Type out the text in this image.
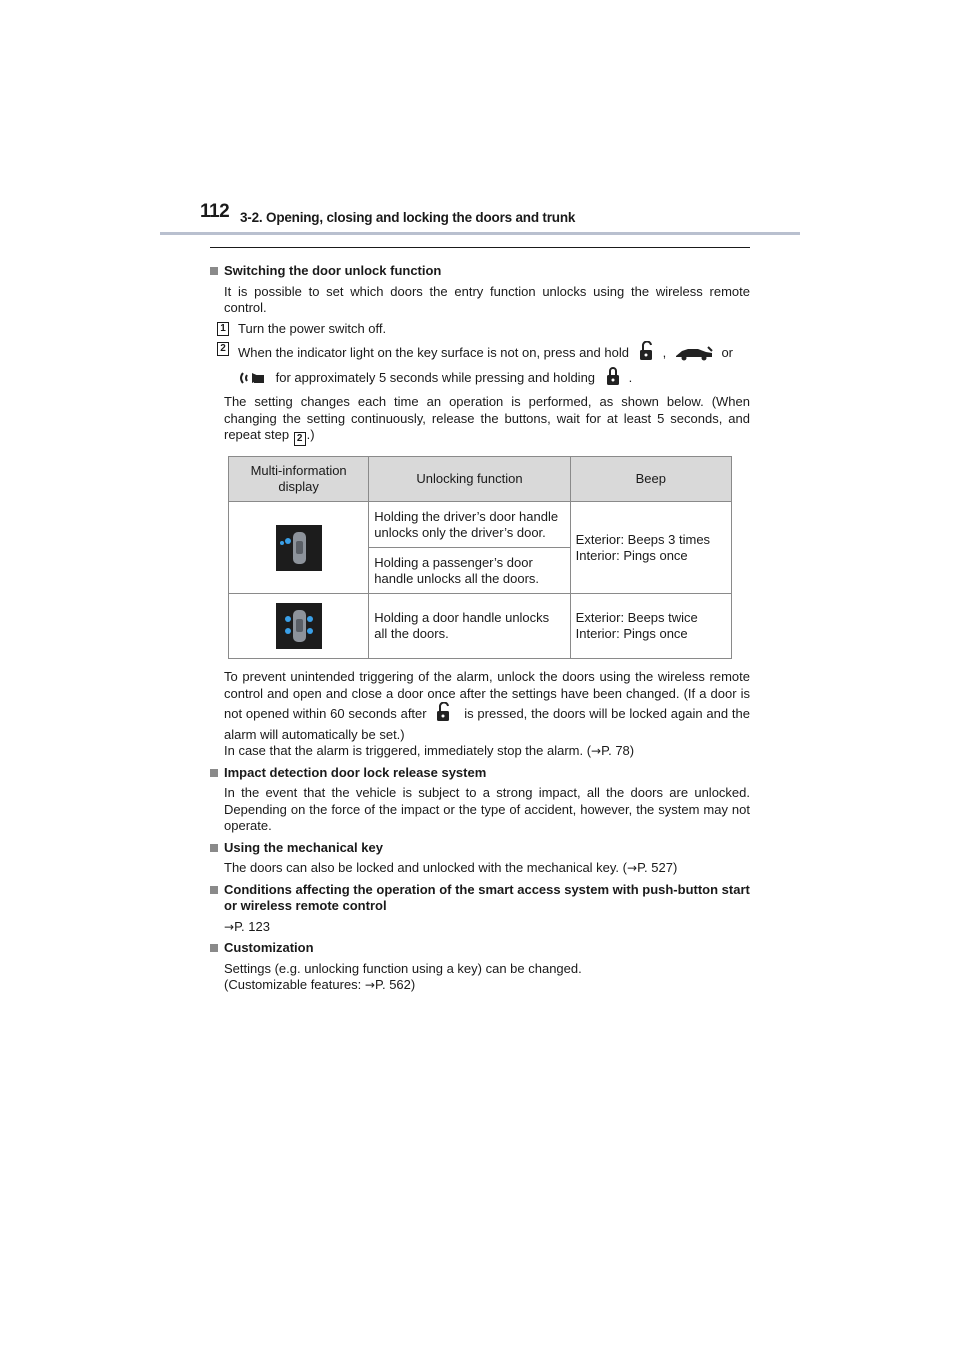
112 3-2. Opening, closing and locking the doors and trunk
Switching the door unlock function
It is possible to set which doors the entry function unlocks using the wireless remote control.
1 Turn the power switch off.
2 When the indicator light on the key surface is not on, press and hold	,	or
for approximately 5 seconds while pressing and holding	.
The setting changes each time an operation is performed, as shown below. (When changing the setting continuously, release the buttons, wait for at least 5 seconds, and repeat step 2 .)
Multi-information display	Unlocking function	Beep

	Holding the driver’s door handle unlocks only the driver’s door.	Exterior: Beeps 3 times
Interior: Pings once

	Holding a passenger’s door handle unlocks all the doors.	

	Holding a door handle unlocks all the doors.	Exterior: Beeps twice
Interior: Pings once
To prevent unintended triggering of the alarm, unlock the doors using the wireless remote control and open and close a door once after the settings have been changed. (If a door is not opened within 60 seconds after	is pressed, the doors will be locked again and the alarm will automatically be set.)
In case that the alarm is triggered, immediately stop the alarm. (→P. 78)
Impact detection door lock release system
In the event that the vehicle is subject to a strong impact, all the doors are unlocked. Depending on the force of the impact or the type of accident, however, the system may not operate.
Using the mechanical key
The doors can also be locked and unlocked with the mechanical key. (→P. 527)
Conditions affecting the operation of the smart access system with push-button start or wireless remote control
→P. 123
Customization
Settings (e.g. unlocking function using a key) can be changed.
(Customizable features: →P. 562)
